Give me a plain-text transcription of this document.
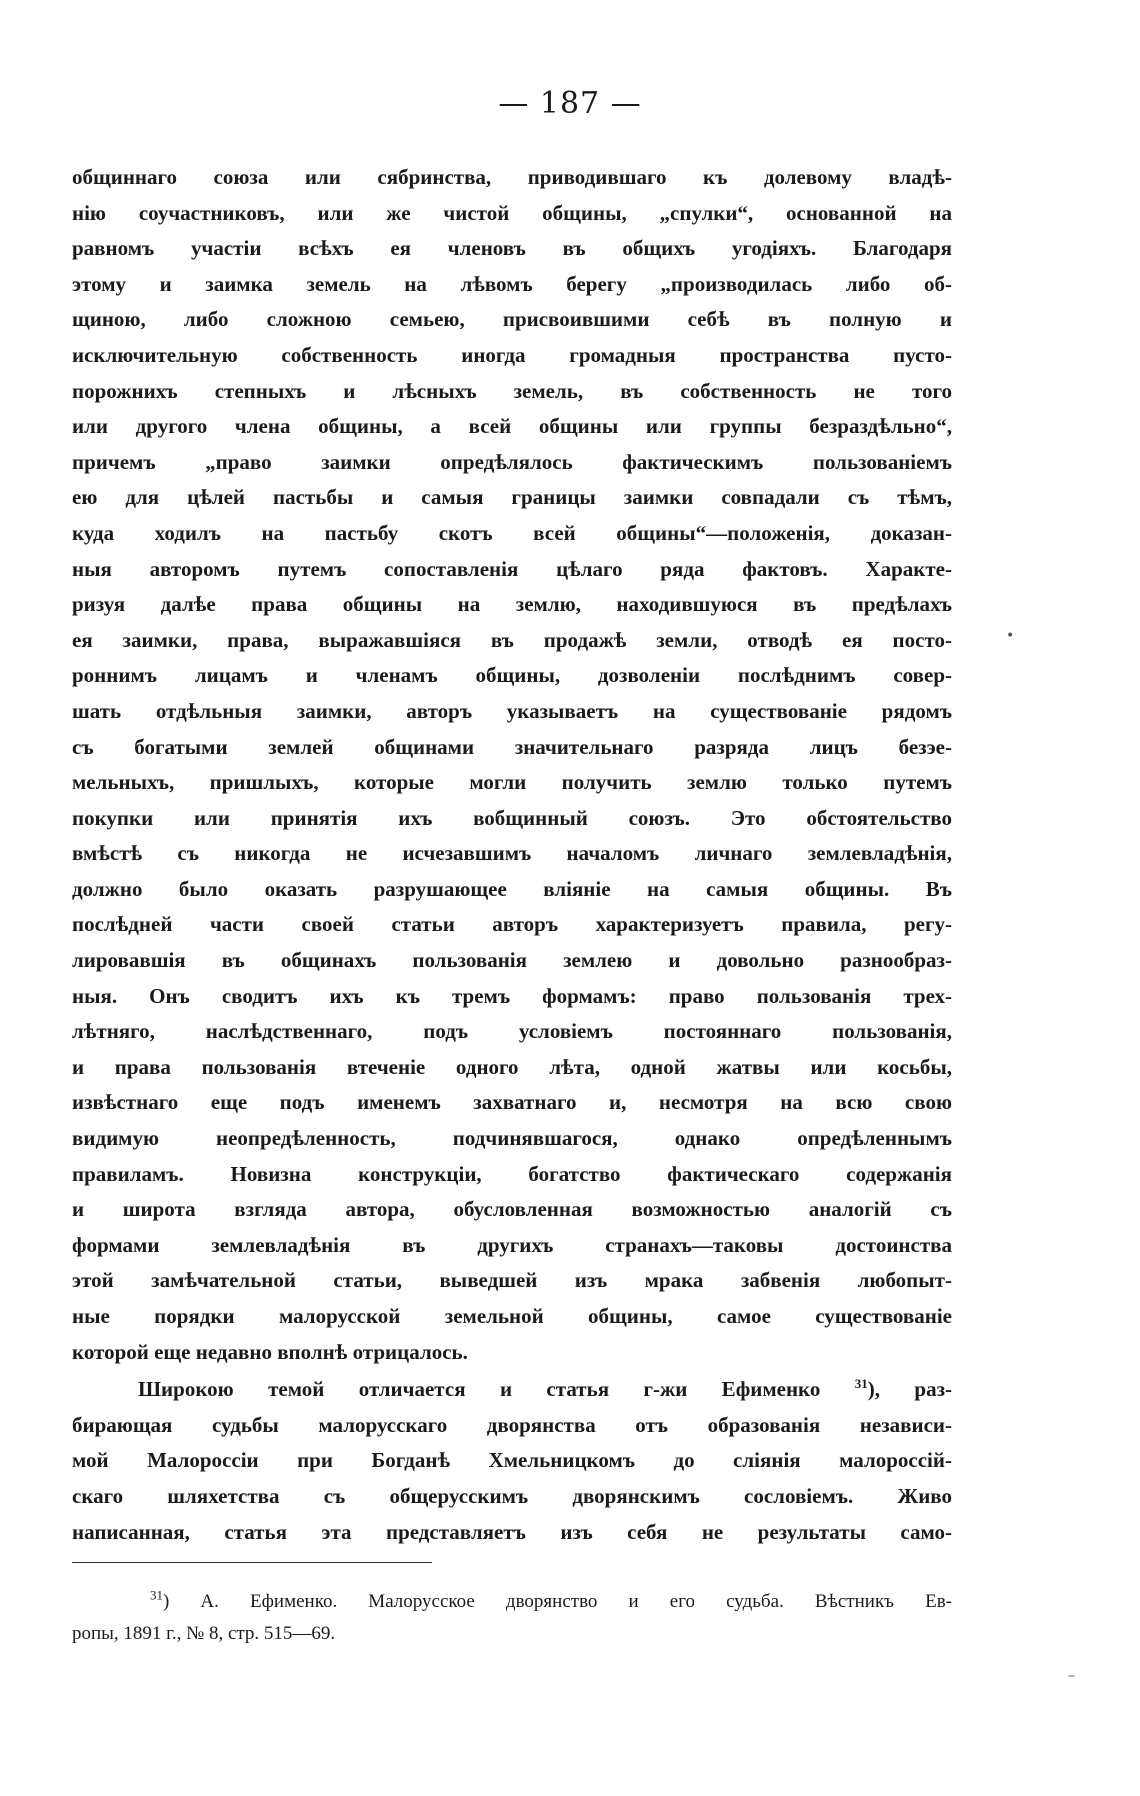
— 187 —
общиннаго союза или сябринства, приводившаго къ долевому владѣ-
нію соучастниковъ, или же чистой общины, „спулки“, основанной на
равномъ участіи всѣхъ ея членовъ въ общихъ угодіяхъ. Благодаря
этому и заимка земель на лѣвомъ берегу „производилась либо об-
щиною, либо сложною семьею, присвоившими себѣ въ полную и
исключительную собственность иногда громадныя пространства пусто-
порожнихъ степныхъ и лѣсныхъ земель, въ собственность не того
или другого члена общины, а всей общины или группы безраздѣльно“,
причемъ „право заимки опредѣлялось фактическимъ пользованіемъ
ею для цѣлей пастьбы и самыя границы заимки совпадали съ тѣмъ,
куда ходилъ на пастьбу скотъ всей общины“—положенія, доказан-
ныя авторомъ путемъ сопоставленія цѣлаго ряда фактовъ. Характе-
ризуя далѣе права общины на землю, находившуюся въ предѣлахъ
ея заимки, права, выражавшіяся въ продажѣ земли, отводѣ ея посто-
роннимъ лицамъ и членамъ общины, дозволеніи послѣднимъ совер-
шать отдѣльныя заимки, авторъ указываетъ на существованіе рядомъ
съ богатыми землей общинами значительнаго разряда лицъ безэе-
мельныхъ, пришлыхъ, которые могли получить землю только путемъ
покупки или принятія ихъ вобщинный союзъ. Это обстоятельство
вмѣстѣ съ никогда не исчезавшимъ началомъ личнаго землевладѣнія,
должно было оказать разрушающее вліяніе на самыя общины. Въ
послѣдней части своей статьи авторъ характеризуетъ правила, регу-
лировавшія въ общинахъ пользованія землею и довольно разнообраз-
ныя. Онъ сводитъ ихъ къ тремъ формамъ: право пользованія трех-
лѣтняго, наслѣдственнаго, подъ условіемъ постояннаго пользованія,
и права пользованія втеченіе одного лѣта, одной жатвы или косьбы,
извѣстнаго еще подъ именемъ захватнаго и, несмотря на всю свою
видимую неопредѣленность, подчинявшагося, однако опредѣленнымъ
правиламъ. Новизна конструкціи, богатство фактическаго содержанія
и широта взгляда автора, обусловленная возможностью аналогій съ
формами землевладѣнія въ другихъ странахъ—таковы достоинства
этой замѣчательной статьи, выведшей изъ мрака забвенія любопыт-
ные порядки малорусской земельной общины, самое существованіе
которой еще недавно вполнѣ отрицалось.
Широкою темой отличается и статья г-жи Ефименко $^{31}$), раз-
бирающая судьбы малорусскаго дворянства отъ образованія независи-
мой Малороссіи при Богданѣ Хмельницкомъ до сліянія малороссій-
скаго шляхетства съ общерусскимъ дворянскимъ сословіемъ. Живо
написанная, статья эта представляетъ изъ себя не результаты само-
$^{31}$) А. Ефименко. Малорусское дворянство и его судьба. Вѣстникъ Ев-
ропы, 1891 г., № 8, стр. 515—69.
•
–
